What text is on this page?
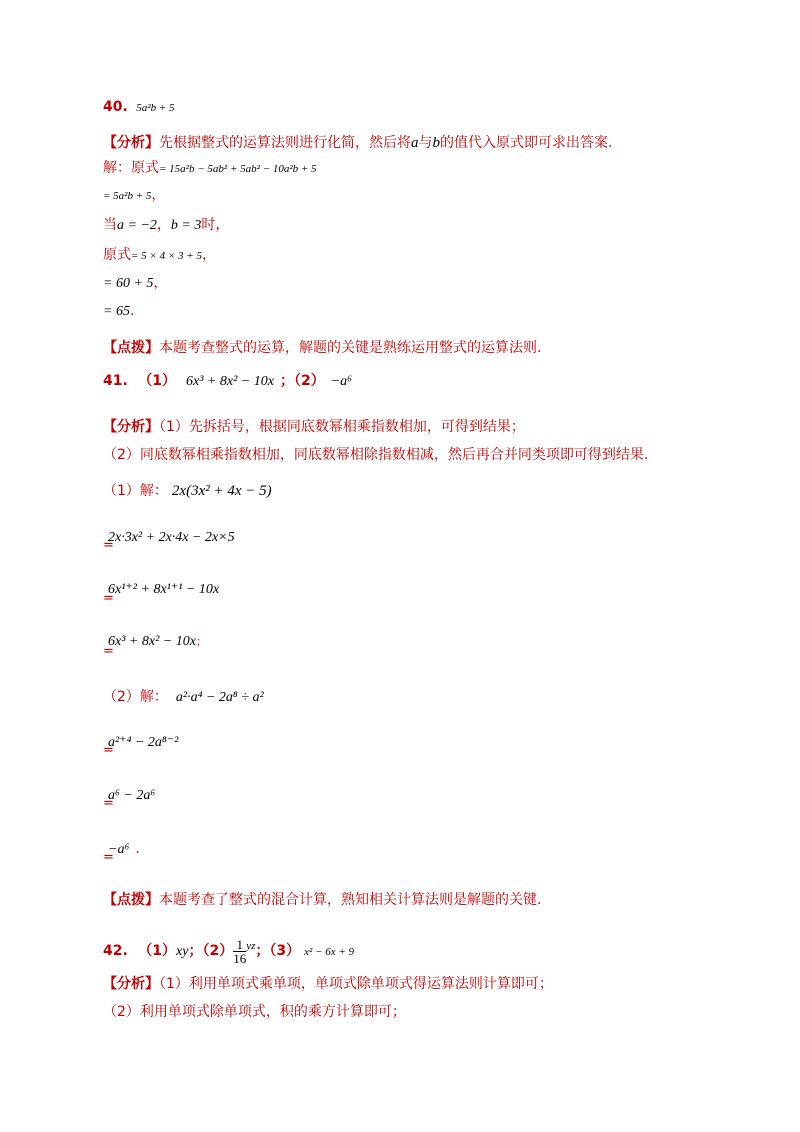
40. 5a²b + 5
【分析】先根据整式的运算法则进行化简，然后将a与b的值代入原式即可求出答案.
解：原式= 15a²b − 5ab² + 5ab² − 10a²b + 5
= 5a²b + 5，
当a = −2，b = 3时，
原式= 5 × 4 × 3 + 5，
= 60 + 5，
= 65.
【点拨】本题考查整式的运算，解题的关键是熟练运用整式的运算法则.
41. （1） 6x³ + 8x² − 10x ；（2） −a⁶
【分析】（1）先拆括号，根据同底数幂相乘指数相加，可得到结果；
（2）同底数幂相乘指数相加，同底数幂相除指数相减，然后再合并同类项即可得到结果.
（1）解： 2x(3x² + 4x − 5)
=
2x·3x² + 2x·4x − 2x×5
=
6x¹⁺² + 8x¹⁺¹ − 10x
=
6x³ + 8x² − 10x；
（2）解： a²·a⁴ − 2a⁸ ÷ a²
=
a²⁺⁴ − 2a⁸⁻²
=
a⁶ − 2a⁶
=
−a⁶ .
【点拨】本题考查了整式的混合计算，熟知相关计算法则是解题的关键.
42. （1）xy；$(2) \frac{1}{16} ^{yz}$；（3） x² − 6x + 9
【分析】（1）利用单项式乘单项，单项式除单项式得运算法则计算即可；
（2）利用单项式除单项式，积的乘方计算即可；
